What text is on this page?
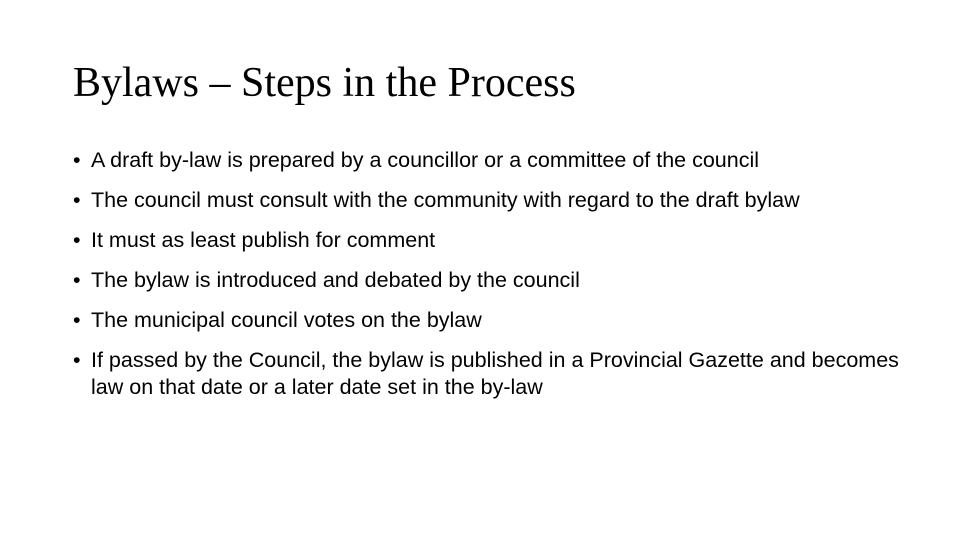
Bylaws – Steps in the Process
• A draft by-law is prepared by a councillor or a committee of the council
• The council must consult with the community with regard to the draft bylaw
• It must as least publish for comment
• The bylaw is introduced and debated by the council
• The municipal council votes on the bylaw
• If passed by the Council, the bylaw is published in a Provincial Gazette and becomes law on that date or a later date set in the by-law
